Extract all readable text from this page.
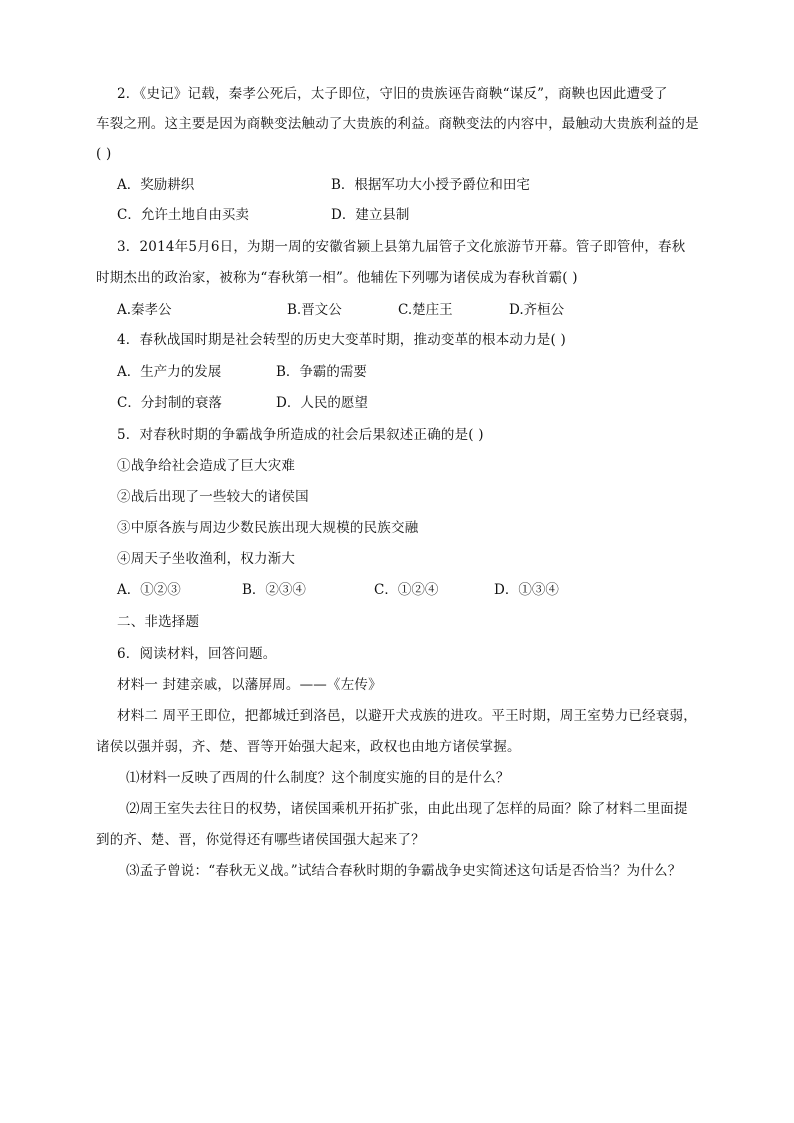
2．《史记》记载，秦孝公死后，太子即位，守旧的贵族诬告商鞅“谋反”，商鞅也因此遭受了
车裂之刑。这主要是因为商鞅变法触动了大贵族的利益。商鞅变法的内容中，最触动大贵族利益的是
( )
A．奖励耕织	B．根据军功大小授予爵位和田宅
C．允许土地自由买卖	D．建立县制
3．2014年5月6日，为期一周的安徽省颍上县第九届管子文化旅游节开幕。管子即管仲，春秋
时期杰出的政治家，被称为“春秋第一相”。他辅佐下列哪为诸侯成为春秋首霸( )
A.秦孝公	B.晋文公	C.楚庄王	D.齐桓公
4．春秋战国时期是社会转型的历史大变革时期，推动变革的根本动力是( )
A．生产力的发展	B．争霸的需要
C．分封制的衰落	D．人民的愿望
5．对春秋时期的争霸战争所造成的社会后果叙述正确的是( )
①战争给社会造成了巨大灾难
②战后出现了一些较大的诸侯国
③中原各族与周边少数民族出现大规模的民族交融
④周天子坐收渔利，权力渐大
A．①②③	B．②③④	C．①②④	D．①③④
二、非选择题
6．阅读材料，回答问题。
材料一 封建亲戚，以藩屏周。——《左传》
材料二 周平王即位，把都城迁到洛邑，以避开犬戎族的进攻。平王时期，周王室势力已经衰弱，
诸侯以强并弱，齐、楚、晋等开始强大起来，政权也由地方诸侯掌握。
⑴材料一反映了西周的什么制度？这个制度实施的目的是什么？
⑵周王室失去往日的权势，诸侯国乘机开拓扩张，由此出现了怎样的局面？除了材料二里面提
到的齐、楚、晋，你觉得还有哪些诸侯国强大起来了？
⑶孟子曾说：“春秋无义战。”试结合春秋时期的争霸战争史实简述这句话是否恰当？为什么？
